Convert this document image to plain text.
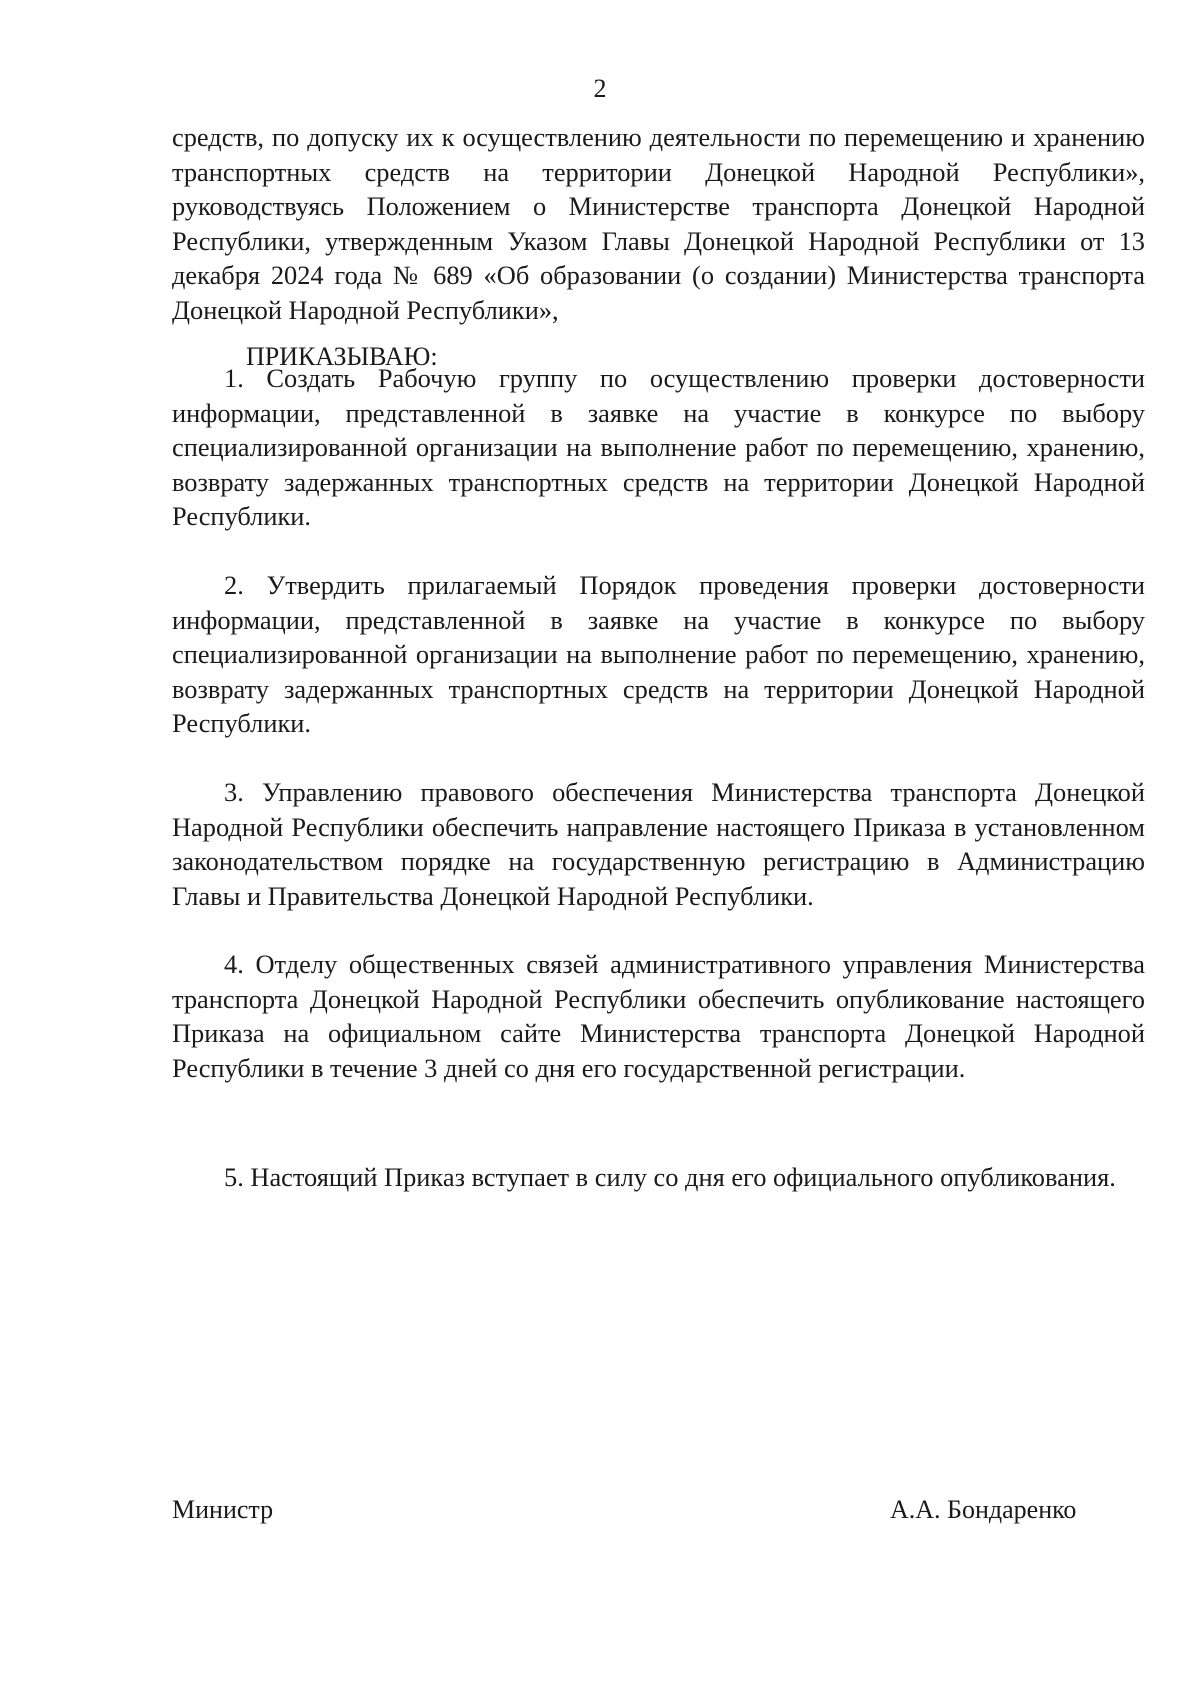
2

средств, по допуску их к осуществлению деятельности по перемещению и хранению транспортных средств на территории Донецкой Народной Республики», руководствуясь Положением о Министерстве транспорта Донецкой Народной Республики, утвержденным Указом Главы Донецкой Народной Республики от 13 декабря 2024 года № 689 «Об образовании (о создании) Министерства транспорта Донецкой Народной Республики»,

ПРИКАЗЫВАЮ:

1. Создать Рабочую группу по осуществлению проверки достоверности информации, представленной в заявке на участие в конкурсе по выбору специализированной организации на выполнение работ по перемещению, хранению, возврату задержанных транспортных средств на территории Донецкой Народной Республики.

2. Утвердить прилагаемый Порядок проведения проверки достоверности информации, представленной в заявке на участие в конкурсе по выбору специализированной организации на выполнение работ по перемещению, хранению, возврату задержанных транспортных средств на территории Донецкой Народной Республики.

3. Управлению правового обеспечения Министерства транспорта Донецкой Народной Республики обеспечить направление настоящего Приказа в установленном законодательством порядке на государственную регистрацию в Администрацию Главы и Правительства Донецкой Народной Республики.

4. Отделу общественных связей административного управления Министерства транспорта Донецкой Народной Республики обеспечить опубликование настоящего Приказа на официальном сайте Министерства транспорта Донецкой Народной Республики в течение 3 дней со дня его государственной регистрации.

5. Настоящий Приказ вступает в силу со дня его официального опубликования.

Министр	А.А. Бондаренко
